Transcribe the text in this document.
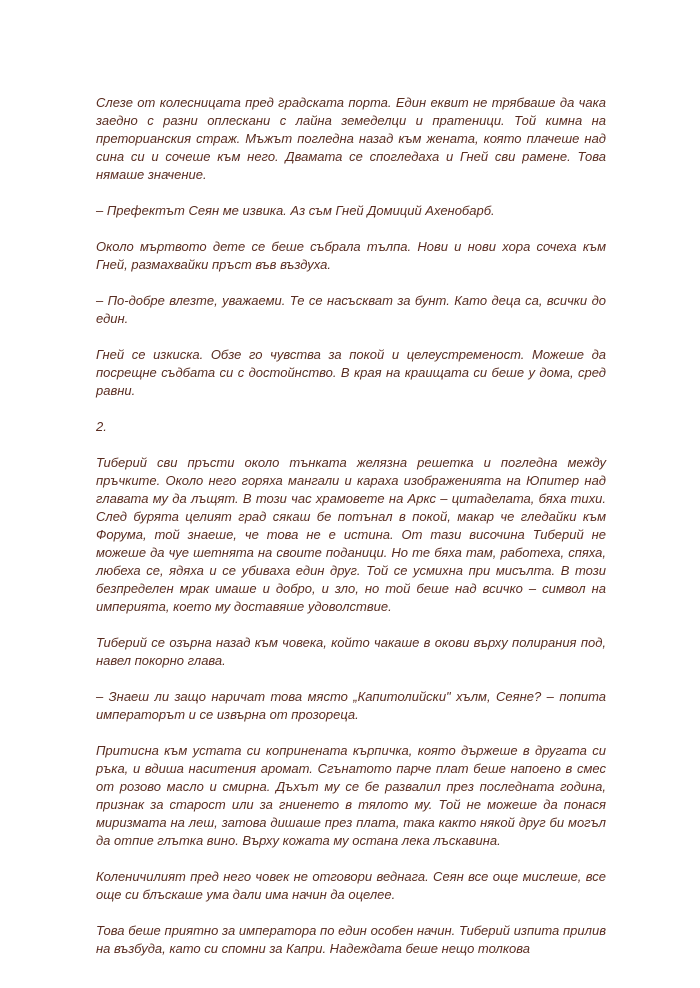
Слезе от колесницата пред градската порта. Един еквит не трябваше да чака заедно с разни оплескани с лайна земеделци и пратеници. Той кимна на преторианския страж. Мъжът погледна назад към жената, която плачеше над сина си и сочеше към него. Двамата се спогледаха и Гней сви рамене. Това нямаше значение.

– Префектът Сеян ме извика. Аз съм Гней Домиций Ахенобарб.

Около мъртвото дете се беше събрала тълпа. Нови и нови хора сочеха към Гней, размахвайки пръст във въздуха.

– По-добре влезте, уважаеми. Те се насъскват за бунт. Като деца са, всички до един.

Гней се изкиска. Обзе го чувства за покой и целеустременост. Можеше да посрещне съдбата си с достойнство. В края на краищата си беше у дома, сред равни.

2.

Тиберий сви пръсти около тънката желязна решетка и погледна между пръчките. Около него горяха мангали и караха изображенията на Юпитер над главата му да лъщят. В този час храмовете на Аркс – цитаделата, бяха тихи. След бурята целият град сякаш бе потънал в покой, макар че гледайки към Форума, той знаеше, че това не е истина. От тази височина Тиберий не можеше да чуе шетнята на своите поданици. Но те бяха там, работеха, спяха, любеха се, ядяха и се убиваха един друг. Той се усмихна при мисълта. В този безпределен мрак имаше и добро, и зло, но той беше над всичко – символ на империята, което му доставяше удоволствие.

Тиберий се озърна назад към човека, който чакаше в окови върху полирания под, навел покорно глава.

– Знаеш ли защо наричат това място „Капитолийски" хълм, Сеяне? – попита императорът и се извърна от прозореца.

Притисна към устата си копринената кърпичка, която държеше в другата си ръка, и вдиша наситения аромат. Сгънатото парче плат беше напоено в смес от розово масло и смирна. Дъхът му се бе развалил през последната година, признак за старост или за гниенето в тялото му. Той не можеше да понася миризмата на леш, затова дишаше през плата, така както някой друг би могъл да отпие глътка вино. Върху кожата му остана лека лъскавина.

Коленичилият пред него човек не отговори веднага. Сеян все още мислеше, все още си блъскаше ума дали има начин да оцелее.

Това беше приятно за императора по един особен начин. Тиберий изпита прилив на възбуда, като си спомни за Капри. Надеждата беше нещо толкова
